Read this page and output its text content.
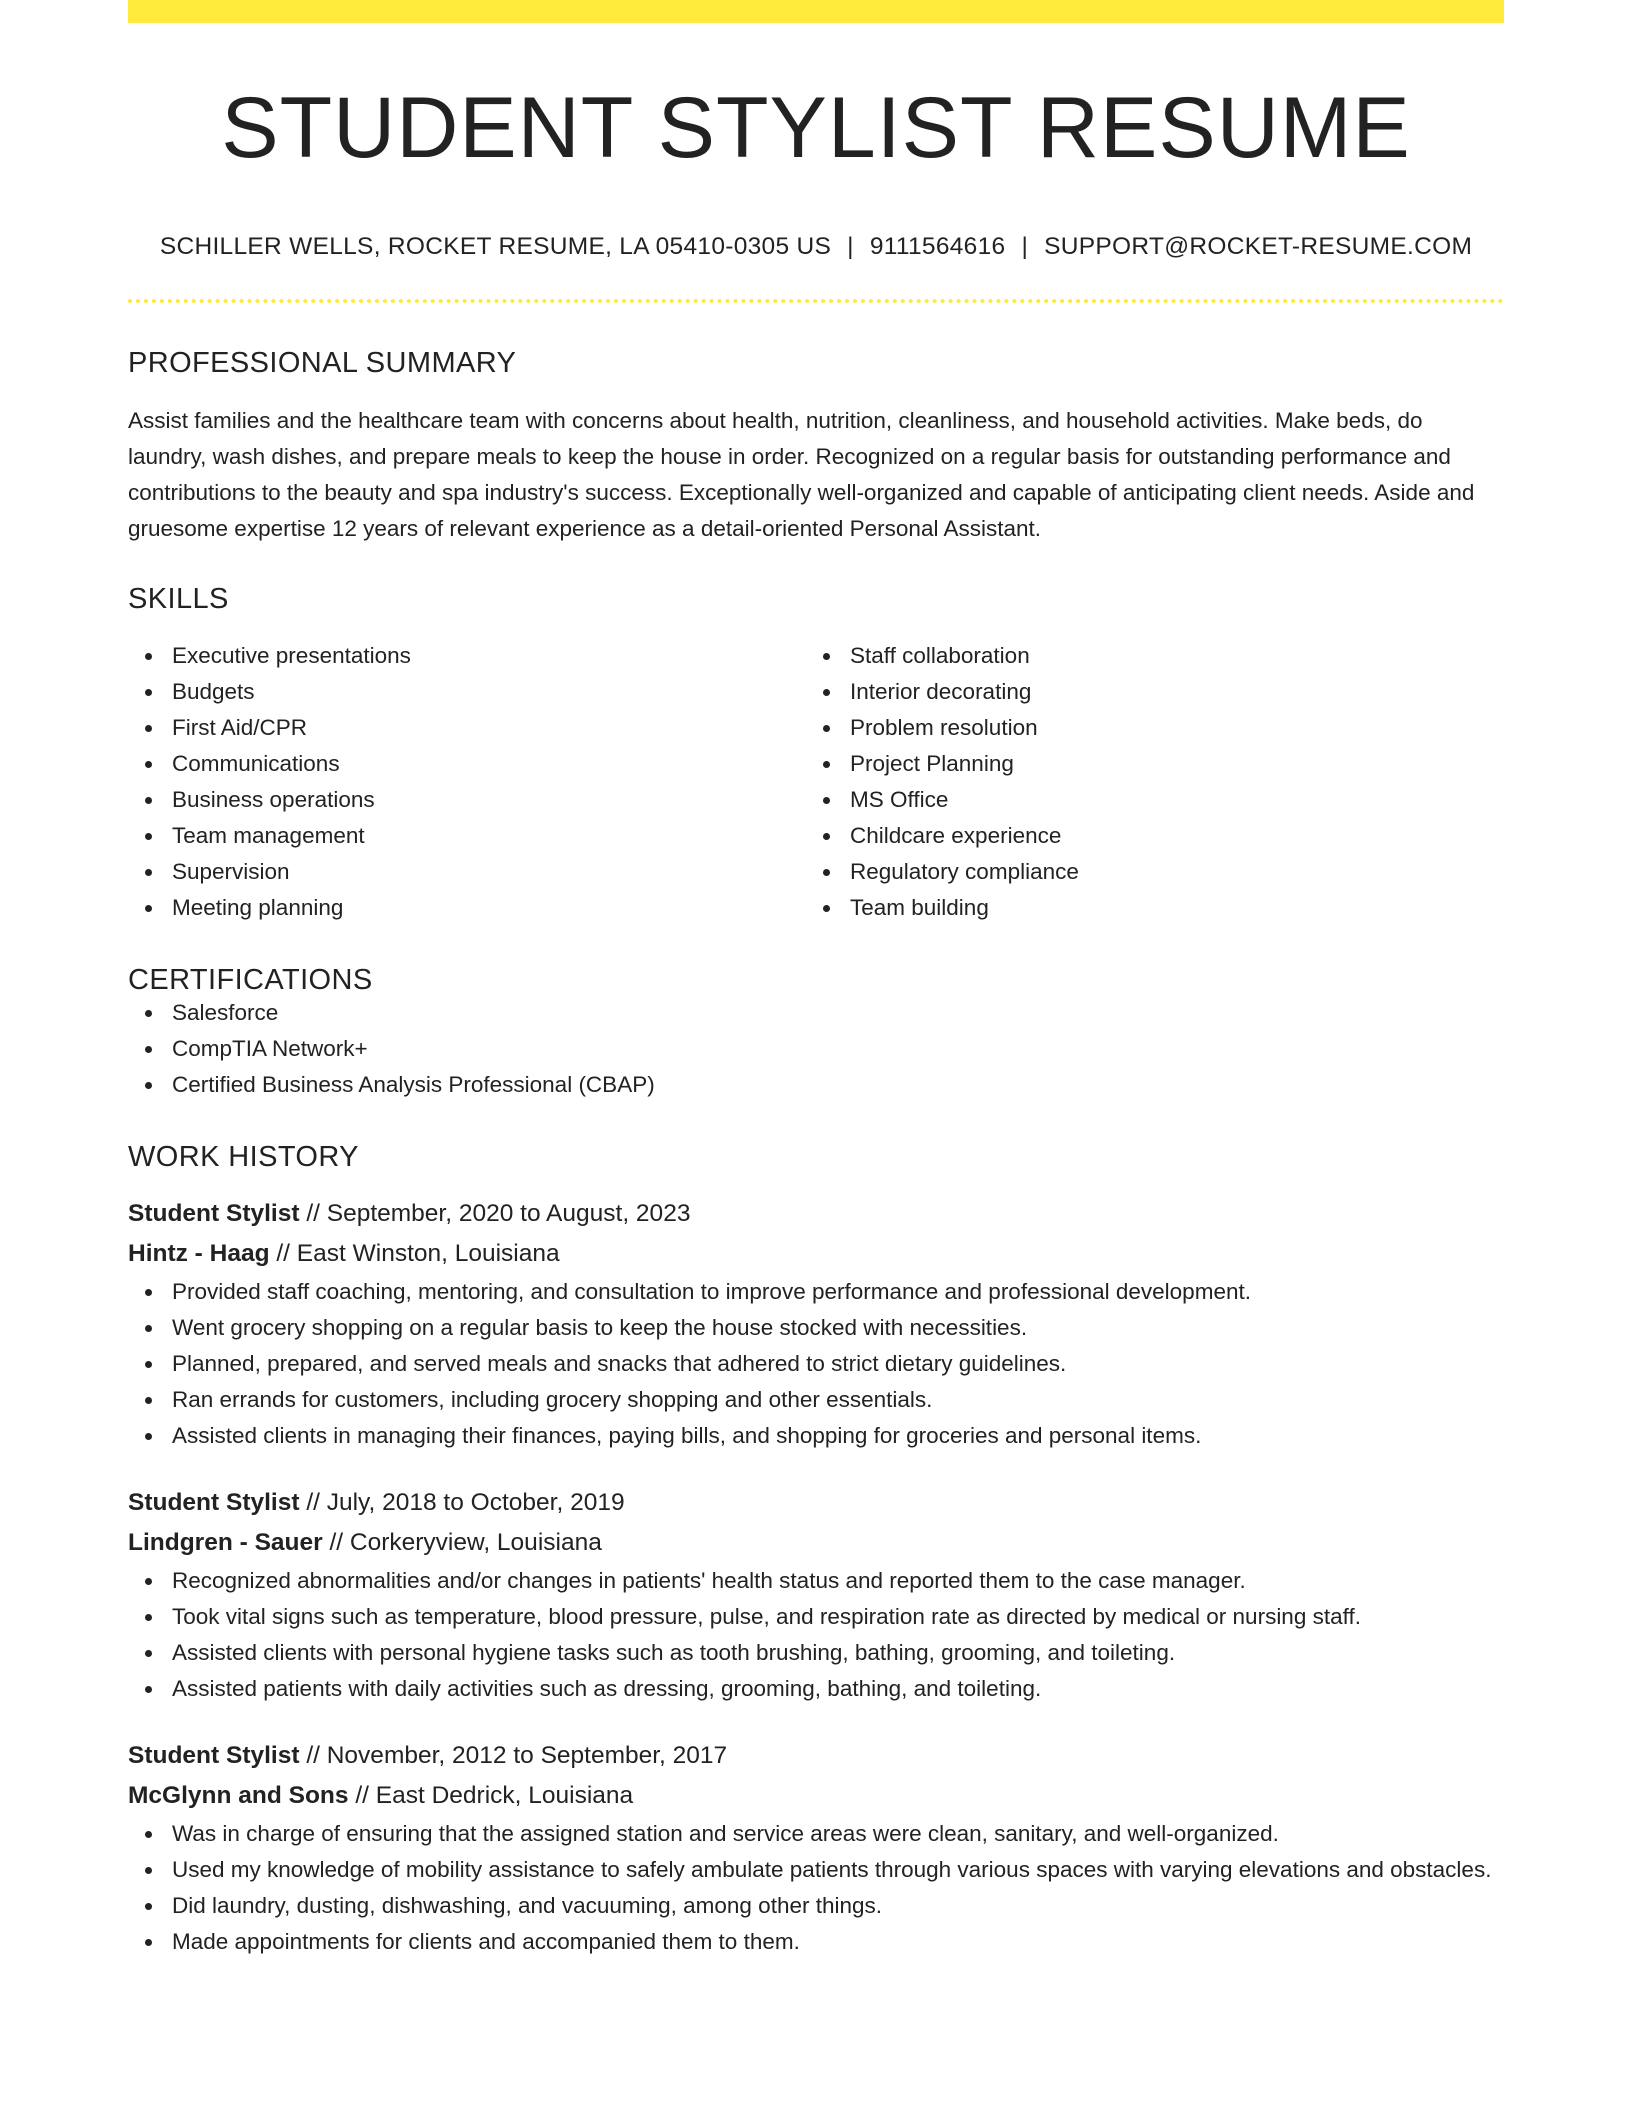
STUDENT STYLIST RESUME
SCHILLER WELLS, ROCKET RESUME, LA 05410-0305 US | 9111564616 | SUPPORT@ROCKET-RESUME.COM
PROFESSIONAL SUMMARY
Assist families and the healthcare team with concerns about health, nutrition, cleanliness, and household activities. Make beds, do laundry, wash dishes, and prepare meals to keep the house in order. Recognized on a regular basis for outstanding performance and contributions to the beauty and spa industry's success. Exceptionally well-organized and capable of anticipating client needs. Aside and gruesome expertise 12 years of relevant experience as a detail-oriented Personal Assistant.
SKILLS
Executive presentations
Budgets
First Aid/CPR
Communications
Business operations
Team management
Supervision
Meeting planning
Staff collaboration
Interior decorating
Problem resolution
Project Planning
MS Office
Childcare experience
Regulatory compliance
Team building
CERTIFICATIONS
Salesforce
CompTIA Network+
Certified Business Analysis Professional (CBAP)
WORK HISTORY
Student Stylist // September, 2020 to August, 2023
Hintz - Haag // East Winston, Louisiana
Provided staff coaching, mentoring, and consultation to improve performance and professional development.
Went grocery shopping on a regular basis to keep the house stocked with necessities.
Planned, prepared, and served meals and snacks that adhered to strict dietary guidelines.
Ran errands for customers, including grocery shopping and other essentials.
Assisted clients in managing their finances, paying bills, and shopping for groceries and personal items.
Student Stylist // July, 2018 to October, 2019
Lindgren - Sauer // Corkeryview, Louisiana
Recognized abnormalities and/or changes in patients' health status and reported them to the case manager.
Took vital signs such as temperature, blood pressure, pulse, and respiration rate as directed by medical or nursing staff.
Assisted clients with personal hygiene tasks such as tooth brushing, bathing, grooming, and toileting.
Assisted patients with daily activities such as dressing, grooming, bathing, and toileting.
Student Stylist // November, 2012 to September, 2017
McGlynn and Sons // East Dedrick, Louisiana
Was in charge of ensuring that the assigned station and service areas were clean, sanitary, and well-organized.
Used my knowledge of mobility assistance to safely ambulate patients through various spaces with varying elevations and obstacles.
Did laundry, dusting, dishwashing, and vacuuming, among other things.
Made appointments for clients and accompanied them to them.
